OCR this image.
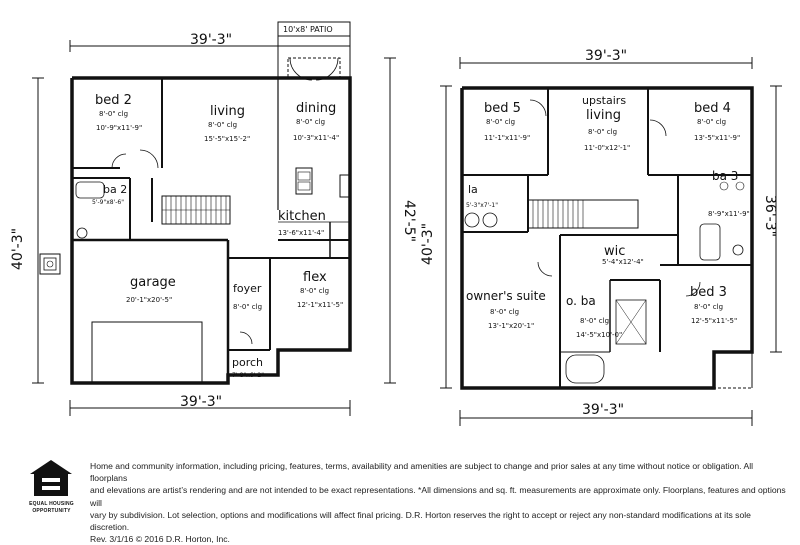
39'-3"
39'-3"
40'-3"
42'-5"
10'x8' PATIO
bed 2
8'-0" clg
10'-9"x11'-9"
living
8'-0" clg
15'-5"x15'-2"
dining
8'-0" clg
10'-3"x11'-4"
ba 2
5'-9"x8'-6"
kitchen
13'-6"x11'-4"
garage
20'-1"x20'-5"
foyer
8'-0" clg
flex
8'-0" clg
12'-1"x11'-5"
porch
7'-8"x6'-2"
39'-3"
39'-3"
40'-3"
36'-3"
bed 5
8'-0" clg
11'-1"x11'-9"
upstairs
living
8'-0" clg
11'-0"x12'-1"
bed 4
8'-0" clg
13'-5"x11'-9"
la
5'-3"x7'-1"
ba 3
8'-9"x11'-9"
wic
5'-4"x12'-4"
owner's suite
8'-0" clg
13'-1"x20'-1"
o. ba
8'-0" clg
14'-5"x10'-0"
bed 3
8'-0" clg
12'-5"x11'-5"
EQUAL HOUSING
OPPORTUNITY
Home and community information, including pricing, features, terms, availability and amenities are subject to change and prior sales at any time without notice or obligation. All floorplans
and elevations are artist’s rendering and are not intended to be exact representations. *All dimensions and sq. ft. measurements are approximate only. Floorplans, features and options will
vary by subdivision. Lot selection, options and modifications will affect final pricing. D.R. Horton reserves the right to accept or reject any non-standard modifications at its sole discretion.
Rev. 3/1/16 © 2016 D.R. Horton, Inc.
